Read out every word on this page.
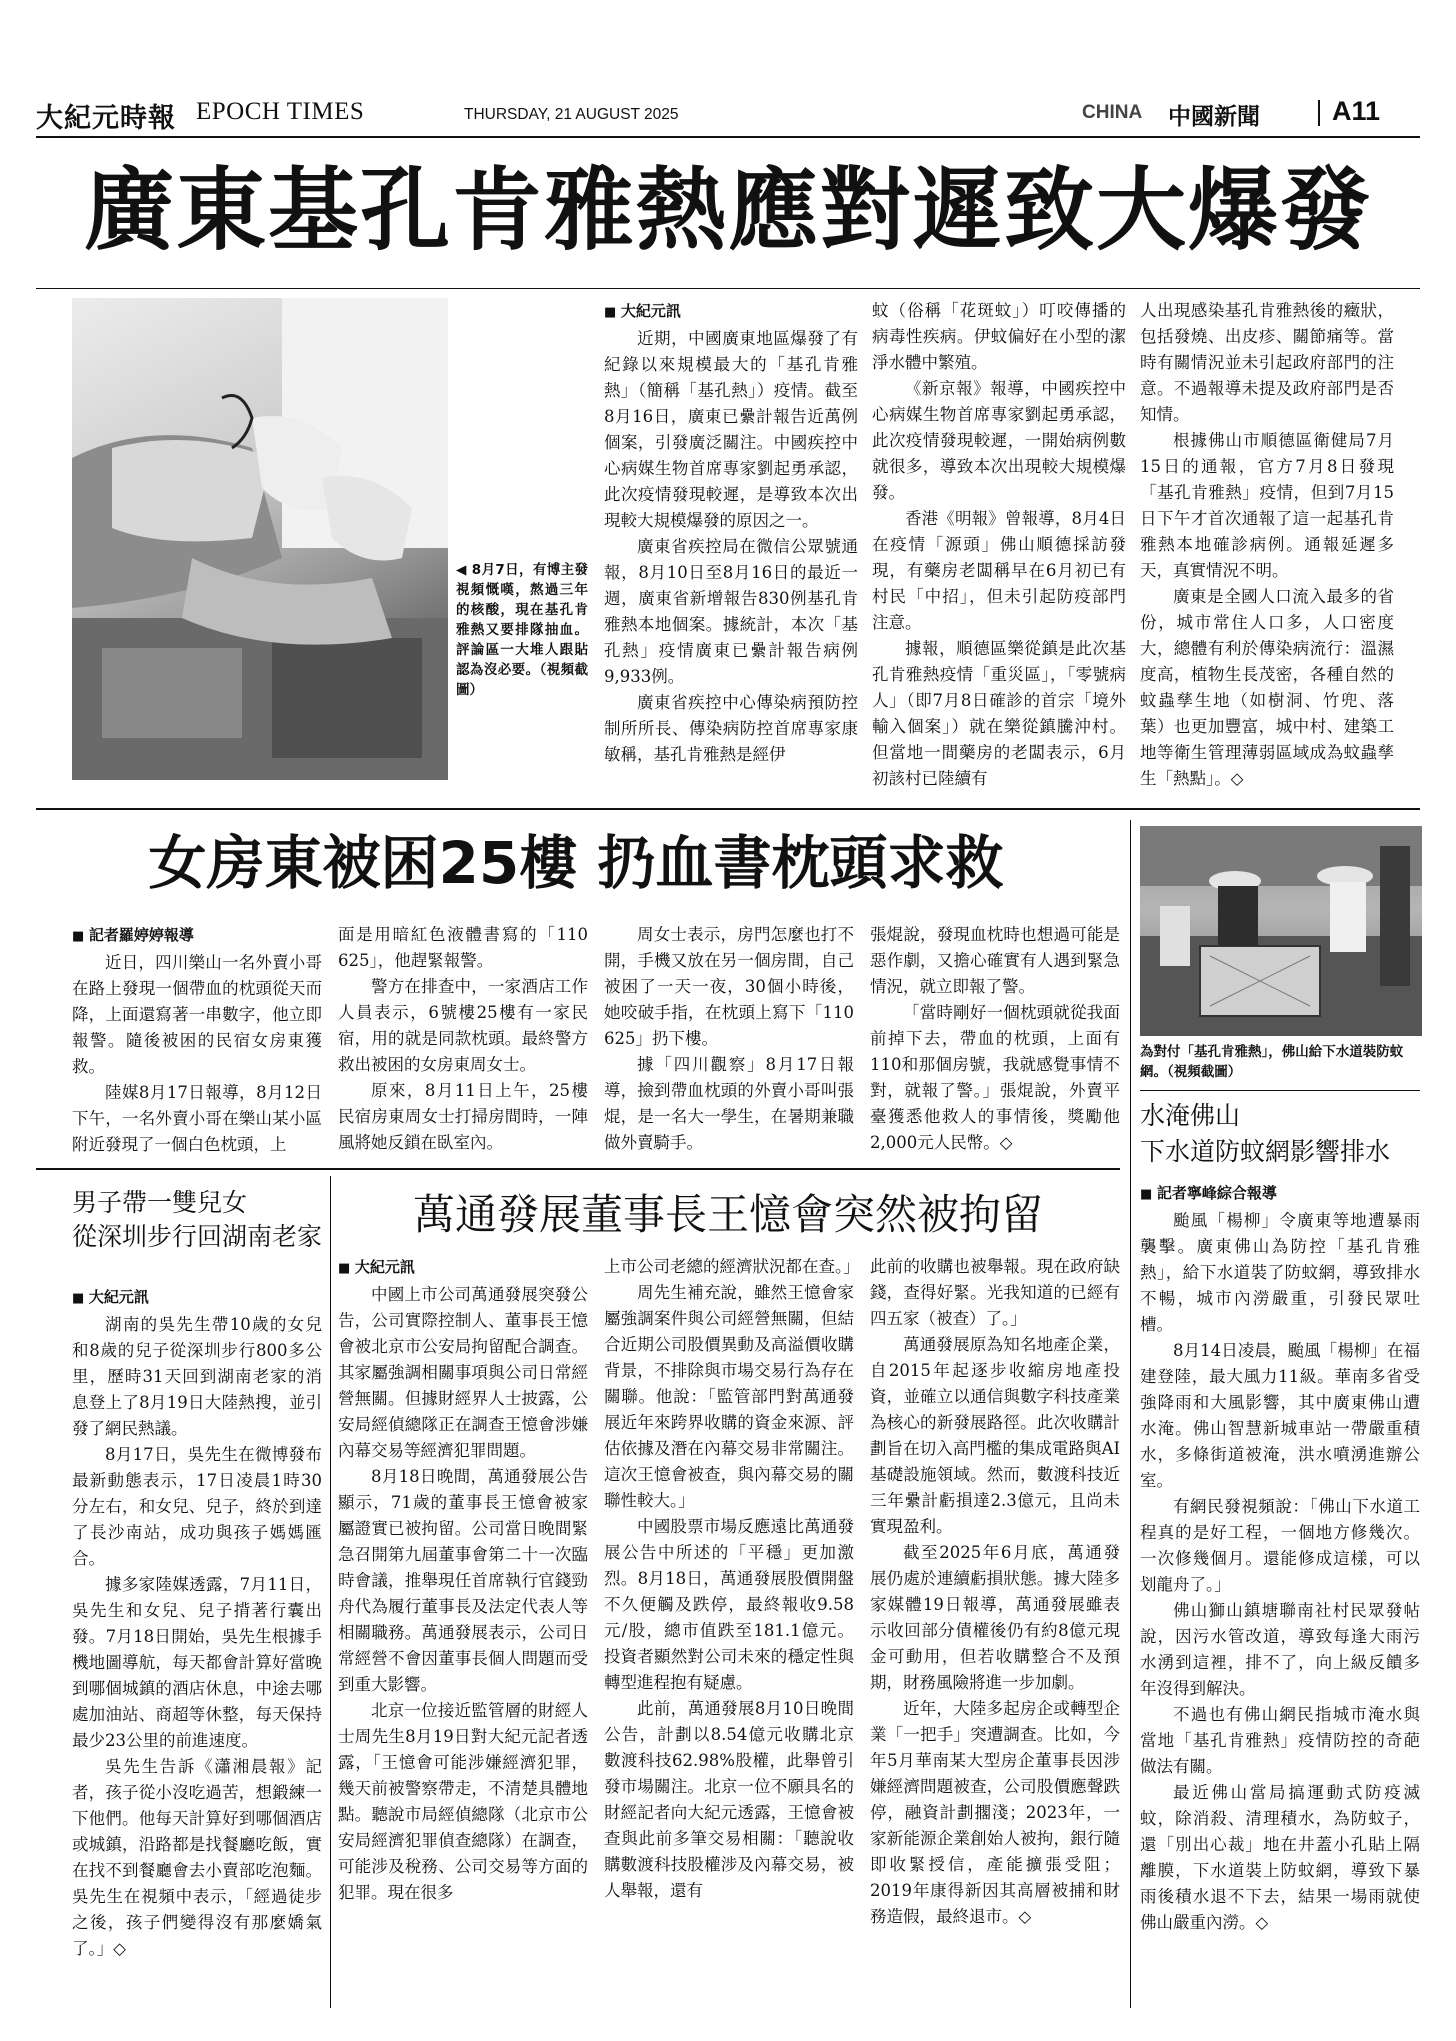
大紀元時報 EPOCH TIMES	THURSDAY, 21 AUGUST 2025	CHINA 中國新聞	A11
廣東基孔肯雅熱應對遲致大爆發
◀ 8月7日，有博主發視頻慨嘆，熬過三年的核酸，現在基孔肯雅熱又要排隊抽血。評論區一大堆人跟貼認為沒必要。（視頻截圖）

■ 大紀元訊

近期，中國廣東地區爆發了有紀錄以來規模最大的「基孔肯雅熱」（簡稱「基孔熱」）疫情。截至8月16日，廣東已纍計報告近萬例個案，引發廣泛關注。中國疾控中心病媒生物首席專家劉起勇承認，此次疫情發現較遲，是導致本次出現較大規模爆發的原因之一。

廣東省疾控局在微信公眾號通報，8月10日至8月16日的最近一週，廣東省新增報告830例基孔肯雅熱本地個案。據統計，本次「基孔熱」疫情廣東已纍計報告病例9,933例。

廣東省疾控中心傳染病預防控制所所長、傳染病防控首席專家康敏稱，基孔肯雅熱是經伊

蚊（俗稱「花斑蚊」）叮咬傳播的病毒性疾病。伊蚊偏好在小型的潔淨水體中繁殖。

《新京報》報導，中國疾控中心病媒生物首席專家劉起勇承認，此次疫情發現較遲，一開始病例數就很多，導致本次出現較大規模爆發。

香港《明報》曾報導，8月4日在疫情「源頭」佛山順德採訪發現，有藥房老闆稱早在6月初已有村民「中招」，但未引起防疫部門注意。

據報，順德區樂從鎮是此次基孔肯雅熱疫情「重災區」，「零號病人」（即7月8日確診的首宗「境外輸入個案」）就在樂從鎮騰沖村。但當地一間藥房的老闆表示，6月初該村已陸續有

人出現感染基孔肯雅熱後的癥狀，包括發燒、出皮疹、關節痛等。當時有關情況並未引起政府部門的注意。不過報導未提及政府部門是否知情。

根據佛山市順德區衛健局7月15日的通報，官方7月8日發現「基孔肯雅熱」疫情，但到7月15日下午才首次通報了這一起基孔肯雅熱本地確診病例。通報延遲多天，真實情況不明。

廣東是全國人口流入最多的省份，城市常住人口多，人口密度大，總體有利於傳染病流行：溫濕度高，植物生長茂密，各種自然的蚊蟲孳生地（如樹洞、竹兜、落葉）也更加豐富，城中村、建築工地等衛生管理薄弱區域成為蚊蟲孳生「熱點」。◇

女房東被困25樓 扔血書枕頭求救

■ 記者羅婷婷報導

近日，四川樂山一名外賣小哥在路上發現一個帶血的枕頭從天而降，上面還寫著一串數字，他立即報警。隨後被困的民宿女房東獲救。

陸媒8月17日報導，8月12日下午，一名外賣小哥在樂山某小區附近發現了一個白色枕頭，上

面是用暗紅色液體書寫的「110 625」，他趕緊報警。

警方在排查中，一家酒店工作人員表示，6號樓25樓有一家民宿，用的就是同款枕頭。最終警方救出被困的女房東周女士。

原來，8月11日上午，25樓民宿房東周女士打掃房間時，一陣風將她反鎖在臥室內。

周女士表示，房門怎麼也打不開，手機又放在另一個房間，自己被困了一天一夜，30個小時後，她咬破手指，在枕頭上寫下「110 625」扔下樓。

據「四川觀察」8月17日報導，撿到帶血枕頭的外賣小哥叫張焜，是一名大一學生，在暑期兼職做外賣騎手。

張焜說，發現血枕時也想過可能是惡作劇，又擔心確實有人遇到緊急情況，就立即報了警。

「當時剛好一個枕頭就從我面前掉下去，帶血的枕頭，上面有110和那個房號，我就感覺事情不對，就報了警。」張焜說，外賣平臺獲悉他救人的事情後，獎勵他2,000元人民幣。◇

為對付「基孔肯雅熱」，佛山給下水道裝防蚊網。（視頻截圖）
水淹佛山
下水道防蚊網影響排水

■ 記者寧峰綜合報導

颱風「楊柳」令廣東等地遭暴雨襲擊。廣東佛山為防控「基孔肯雅熱」，給下水道裝了防蚊網，導致排水不暢，城市內澇嚴重，引發民眾吐槽。

8月14日凌晨，颱風「楊柳」在福建登陸，最大風力11級。華南多省受強降雨和大風影響，其中廣東佛山遭水淹。佛山智慧新城車站一帶嚴重積水，多條街道被淹，洪水噴湧進辦公室。

有網民發視頻說：「佛山下水道工程真的是好工程，一個地方修幾次。一次修幾個月。還能修成這樣，可以划龍舟了。」

佛山獅山鎮塘聯南社村民眾發帖說，因污水管改道，導致每逢大雨污水湧到這裡，排不了，向上級反饋多年沒得到解決。

不過也有佛山網民指城市淹水與當地「基孔肯雅熱」疫情防控的奇葩做法有關。

最近佛山當局搞運動式防疫滅蚊，除消殺、清理積水，為防蚊子，還「別出心裁」地在井蓋小孔貼上隔離膜，下水道裝上防蚊網，導致下暴雨後積水退不下去，結果一場雨就使佛山嚴重內澇。◇

男子帶一雙兒女
從深圳步行回湖南老家

■ 大紀元訊

湖南的吳先生帶10歲的女兒和8歲的兒子從深圳步行800多公里，歷時31天回到湖南老家的消息登上了8月19日大陸熱搜，並引發了網民熱議。

8月17日，吳先生在微博發布最新動態表示，17日凌晨1時30分左右，和女兒、兒子，終於到達了長沙南站，成功與孩子媽媽匯合。

據多家陸媒透露，7月11日，吳先生和女兒、兒子揹著行囊出發。7月18日開始，吳先生根據手機地圖導航，每天都會計算好當晚到哪個城鎮的酒店休息，中途去哪處加油站、商超等休整，每天保持最少23公里的前進速度。

吳先生告訴《瀟湘晨報》記者，孩子從小沒吃過苦，想鍛練一下他們。他每天計算好到哪個酒店或城鎮，沿路都是找餐廳吃飯，實在找不到餐廳會去小賣部吃泡麵。吳先生在視頻中表示，「經過徒步之後，孩子們變得沒有那麼嬌氣了。」◇

萬通發展董事長王憶會突然被拘留

■ 大紀元訊

中國上市公司萬通發展突發公告，公司實際控制人、董事長王憶會被北京市公安局拘留配合調查。其家屬強調相關事項與公司日常經營無關。但據財經界人士披露，公安局經偵總隊正在調查王憶會涉嫌內幕交易等經濟犯罪問題。

8月18日晚間，萬通發展公告顯示，71歲的董事長王憶會被家屬證實已被拘留。公司當日晚間緊急召開第九屆董事會第二十一次臨時會議，推舉現任首席執行官錢勁舟代為履行董事長及法定代表人等相關職務。萬通發展表示，公司日常經營不會因董事長個人問題而受到重大影響。

北京一位接近監管層的財經人士周先生8月19日對大紀元記者透露，「王憶會可能涉嫌經濟犯罪，幾天前被警察帶走，不清楚具體地點。聽說市局經偵總隊（北京市公安局經濟犯罪偵查總隊）在調查，可能涉及稅務、公司交易等方面的犯罪。現在很多

上市公司老總的經濟狀況都在查。」

周先生補充說，雖然王憶會家屬強調案件與公司經營無關，但結合近期公司股價異動及高溢價收購背景，不排除與市場交易行為存在關聯。他說：「監管部門對萬通發展近年來跨界收購的資金來源、評估依據及潛在內幕交易非常關注。這次王憶會被查，與內幕交易的關聯性較大。」

中國股票市場反應遠比萬通發展公告中所述的「平穩」更加激烈。8月18日，萬通發展股價開盤不久便觸及跌停，最終報收9.58元/股，總市值跌至181.1億元。投資者顯然對公司未來的穩定性與轉型進程抱有疑慮。

此前，萬通發展8月10日晚間公告，計劃以8.54億元收購北京數渡科技62.98%股權，此舉曾引發市場關注。北京一位不願具名的財經記者向大紀元透露，王憶會被查與此前多筆交易相關：「聽說收購數渡科技股權涉及內幕交易，被人舉報，還有

此前的收購也被舉報。現在政府缺錢，查得好緊。光我知道的已經有四五家（被查）了。」

萬通發展原為知名地產企業，自2015年起逐步收縮房地產投資，並確立以通信與數字科技產業為核心的新發展路徑。此次收購計劃旨在切入高門檻的集成電路與AI基礎設施領域。然而，數渡科技近三年纍計虧損達2.3億元，且尚未實現盈利。

截至2025年6月底，萬通發展仍處於連續虧損狀態。據大陸多家媒體19日報導，萬通發展雖表示收回部分債權後仍有約8億元現金可動用，但若收購整合不及預期，財務風險將進一步加劇。

近年，大陸多起房企或轉型企業「一把手」突遭調查。比如，今年5月華南某大型房企董事長因涉嫌經濟問題被查，公司股價應聲跌停，融資計劃擱淺；2023年，一家新能源企業創始人被拘，銀行隨即收緊授信，產能擴張受阻；2019年康得新因其高層被捕和財務造假，最終退市。◇
